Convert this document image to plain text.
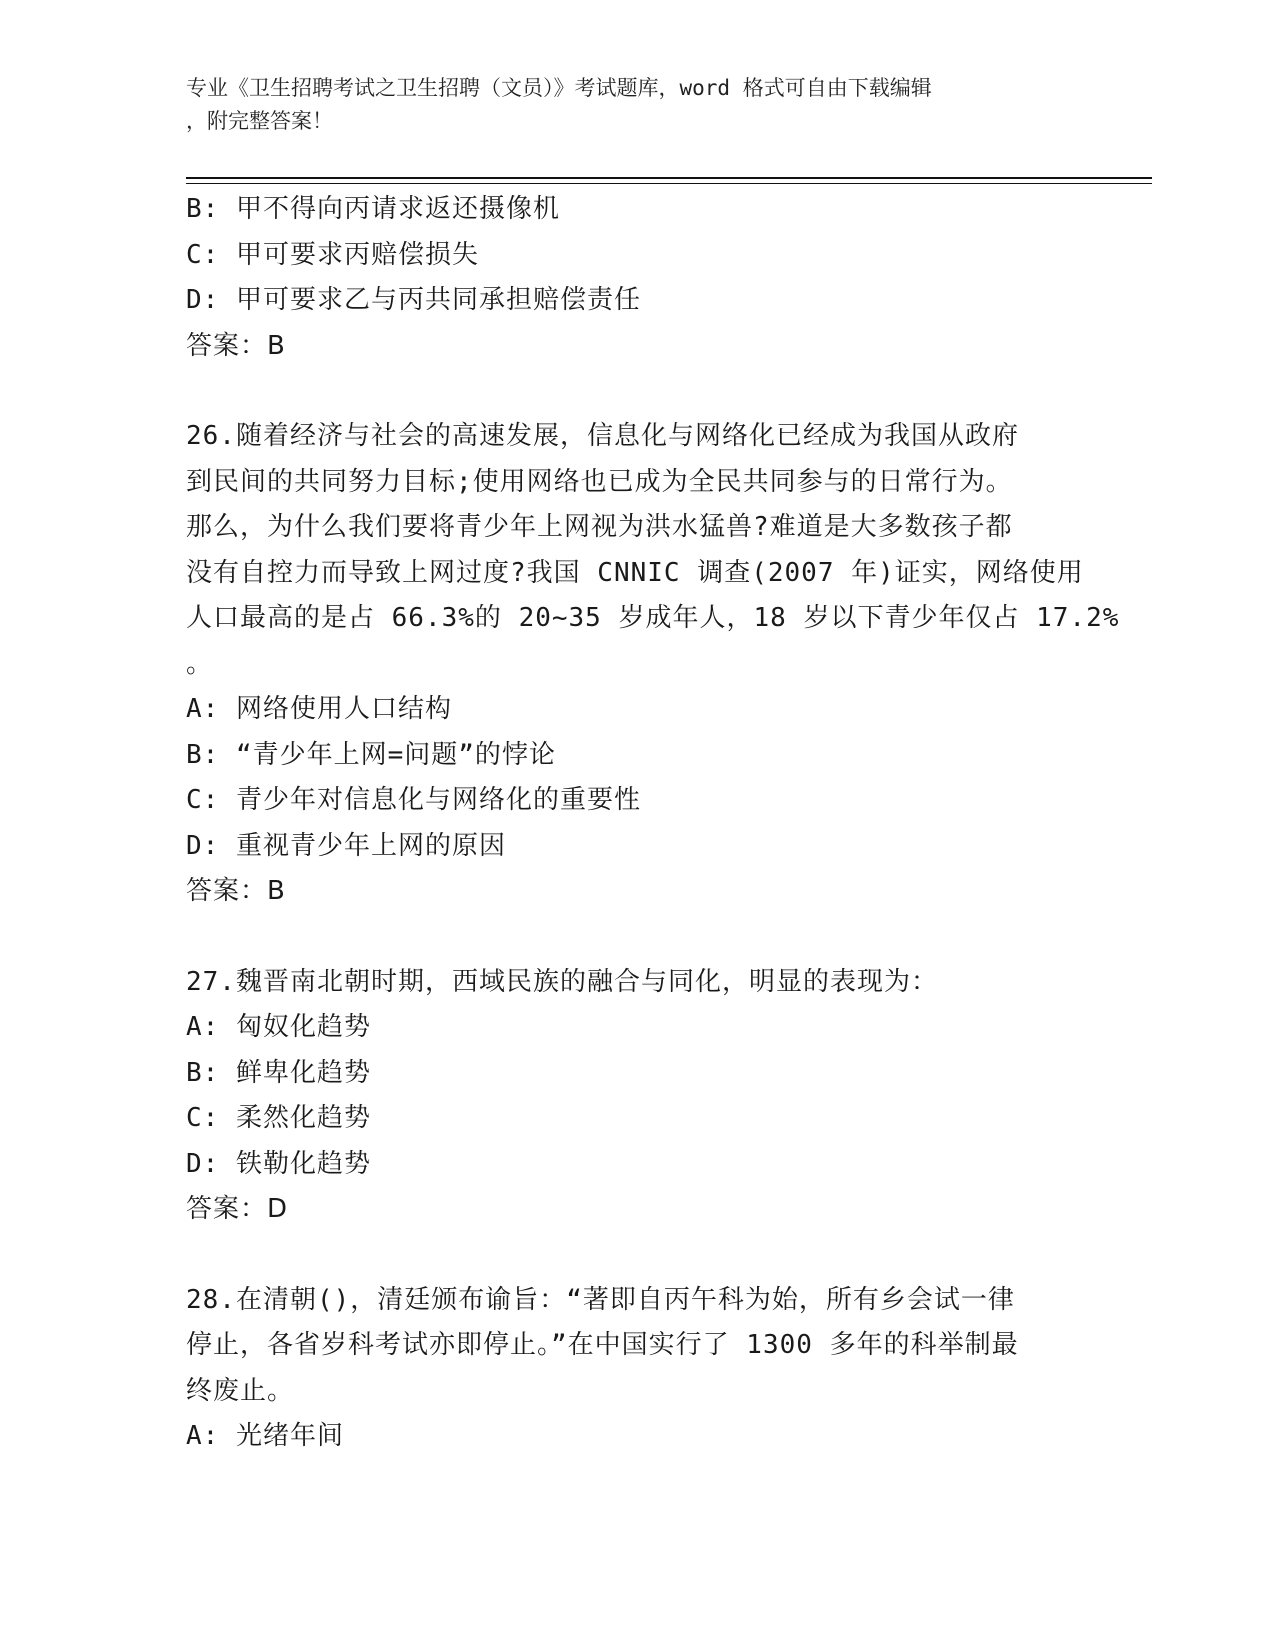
专业《卫生招聘考试之卫生招聘（文员）》考试题库，word 格式可自由下载编辑
，附完整答案！
B: 甲不得向丙请求返还摄像机
C: 甲可要求丙赔偿损失
D: 甲可要求乙与丙共同承担赔偿责任
答案：B
26.随着经济与社会的高速发展，信息化与网络化已经成为我国从政府
到民间的共同努力目标;使用网络也已成为全民共同参与的日常行为。
那么，为什么我们要将青少年上网视为洪水猛兽?难道是大多数孩子都
没有自控力而导致上网过度?我国 CNNIC 调查(2007 年)证实，网络使用
人口最高的是占 66.3%的 20~35 岁成年人，18 岁以下青少年仅占 17.2%
。
A: 网络使用人口结构
B: “青少年上网=问题”的悖论
C: 青少年对信息化与网络化的重要性
D: 重视青少年上网的原因
答案：B
27.魏晋南北朝时期，西域民族的融合与同化，明显的表现为：
A: 匈奴化趋势
B: 鲜卑化趋势
C: 柔然化趋势
D: 铁勒化趋势
答案：D
28.在清朝()，清廷颁布谕旨：“著即自丙午科为始，所有乡会试一律
停止，各省岁科考试亦即停止。”在中国实行了 1300 多年的科举制最
终废止。
A: 光绪年间
